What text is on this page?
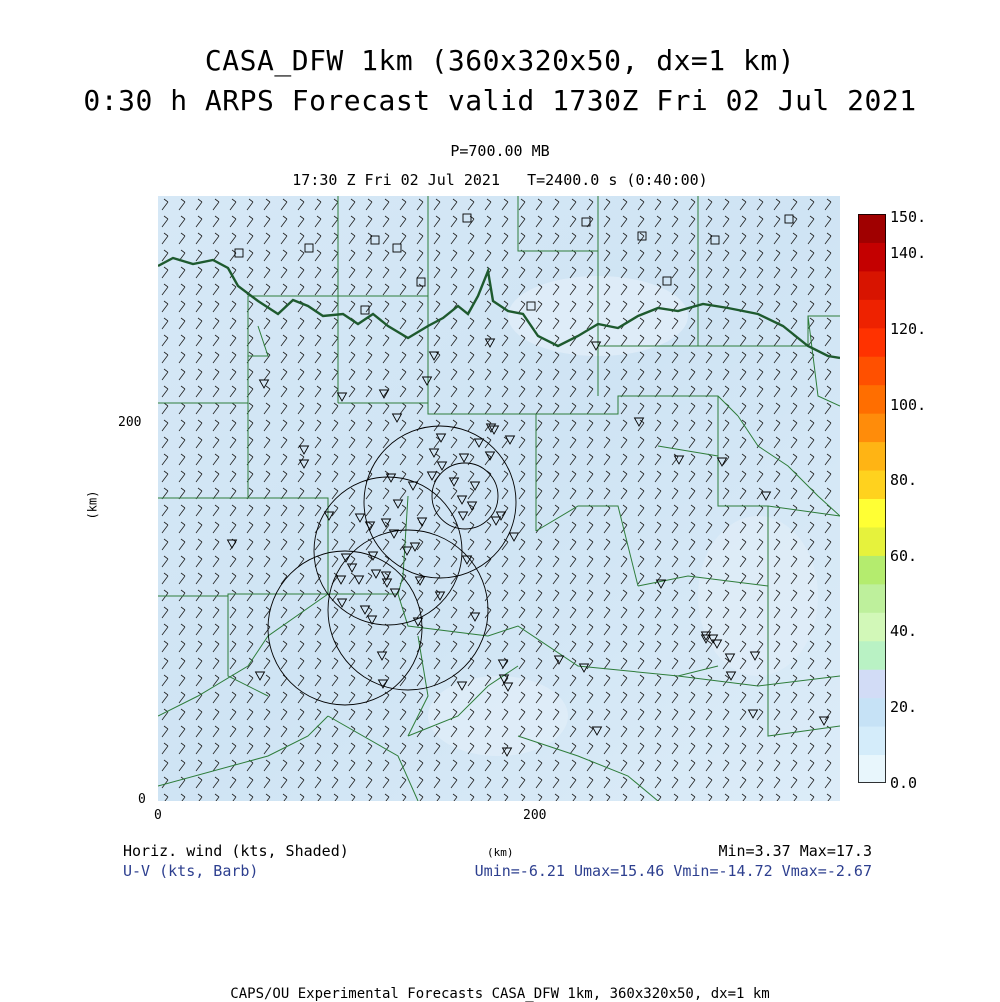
CASA_DFW 1km (360x320x50, dx=1 km)
0:30 h ARPS Forecast valid 1730Z Fri 02 Jul 2021
P=700.00 MB
17:30 Z Fri 02 Jul 2021   T=2400.0 s (0:40:00)
200
0
(km)
0	200
150.
140.
120.
100.
80.
60.
40.
20.
0.0
Horiz. wind (kts, Shaded)
U-V (kts, Barb)
(km)	Min=3.37 Max=17.3
Umin=-6.21 Umax=15.46 Vmin=-14.72 Vmax=-2.67
CAPS/OU Experimental Forecasts CASA_DFW 1km, 360x320x50, dx=1 km
